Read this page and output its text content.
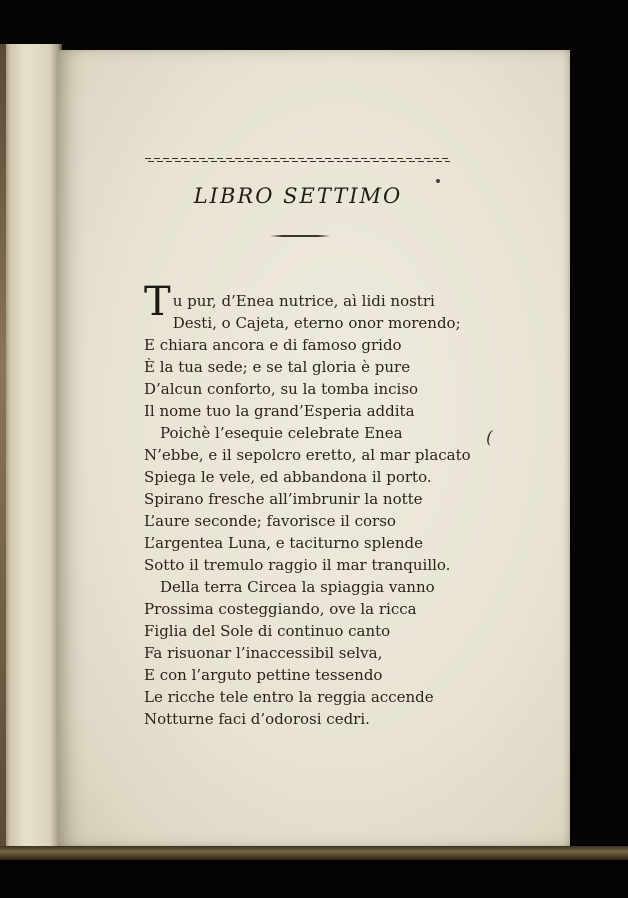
LIBRO SETTIMO
T u pur, d’Enea nutrice, aì lidi nostri
Desti, o Cajeta, eterno onor morendo;
E chiara ancora e di famoso grido
È la tua sede; e se tal gloria è pure
D’alcun conforto, su la tomba inciso
Il nome tuo la grand’Esperia addita
Poichè l’esequie celebrate Enea
N’ebbe, e il sepolcro eretto, al mar placato
Spiega le vele, ed abbandona il porto.
Spirano fresche all’imbrunir la notte
L’aure seconde; favorisce il corso
L’argentea Luna, e taciturno splende
Sotto il tremulo raggio il mar tranquillo.
Della terra Circea la spiaggia vanno
Prossima costeggiando, ove la ricca
Figlia del Sole di continuo canto
Fa risuonar l’inaccessibil selva,
E con l’arguto pettine tessendo
Le ricche tele entro la reggia accende
Notturne faci d’odorosi cedri.
(
